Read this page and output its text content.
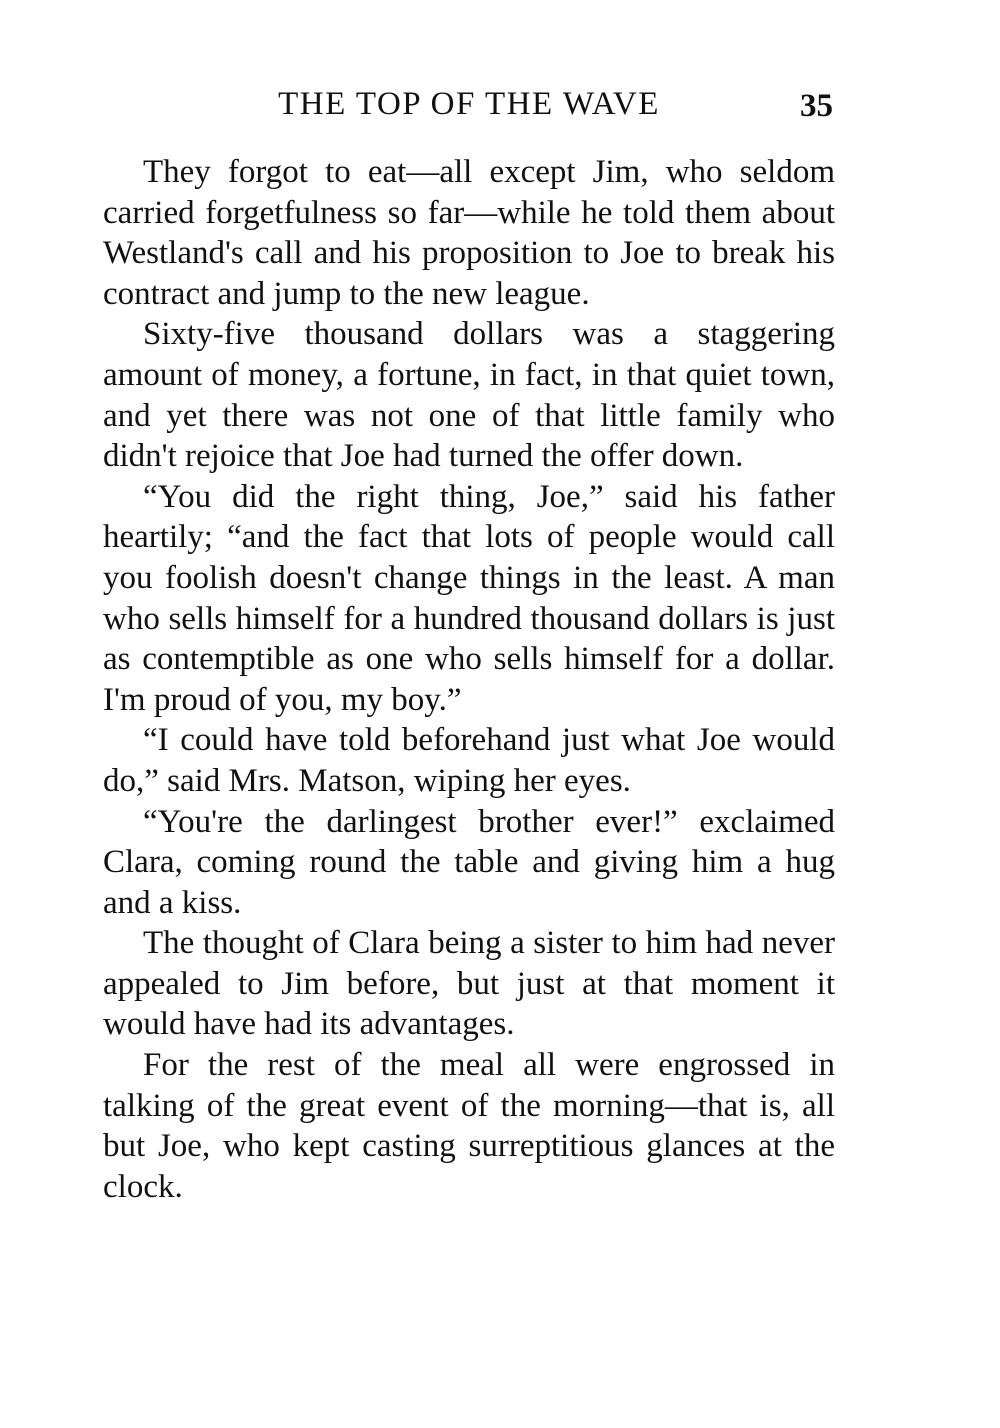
THE TOP OF THE WAVE	35

They forgot to eat—all except Jim, who seldom carried forgetfulness so far—while he told them about Westland's call and his proposition to Joe to break his contract and jump to the new league.

Sixty-five thousand dollars was a staggering amount of money, a fortune, in fact, in that quiet town, and yet there was not one of that little family who didn't rejoice that Joe had turned the offer down.

“You did the right thing, Joe,” said his father heartily; “and the fact that lots of people would call you foolish doesn't change things in the least. A man who sells himself for a hundred thousand dollars is just as contemptible as one who sells himself for a dollar. I'm proud of you, my boy.”

“I could have told beforehand just what Joe would do,” said Mrs. Matson, wiping her eyes.

“You're the darlingest brother ever!” exclaimed Clara, coming round the table and giving him a hug and a kiss.

The thought of Clara being a sister to him had never appealed to Jim before, but just at that moment it would have had its advantages.

For the rest of the meal all were engrossed in talking of the great event of the morning—that is, all but Joe, who kept casting surreptitious glances at the clock.
